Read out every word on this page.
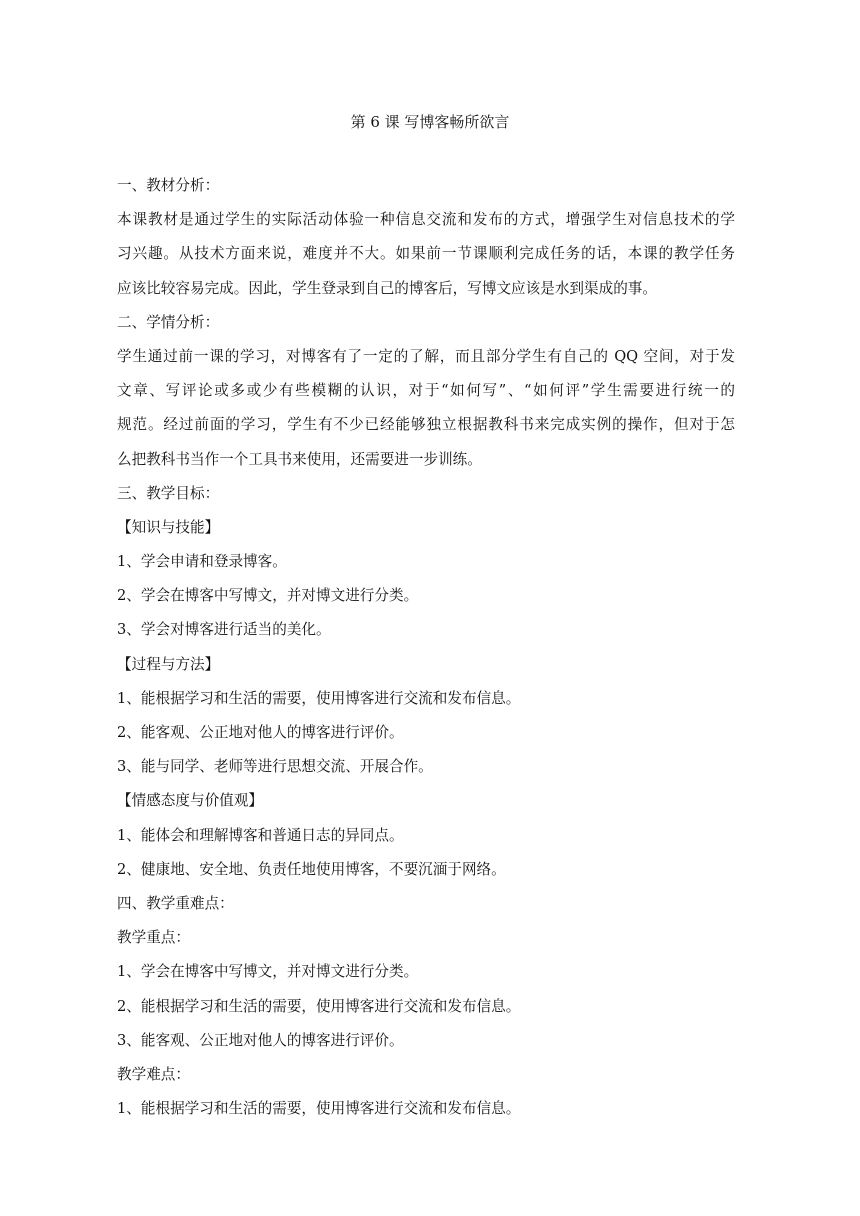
第 6 课 写博客畅所欲言
一、教材分析：
本课教材是通过学生的实际活动体验一种信息交流和发布的方式，增强学生对信息技术的学
习兴趣。从技术方面来说，难度并不大。如果前一节课顺利完成任务的话，本课的教学任务
应该比较容易完成。因此，学生登录到自己的博客后，写博文应该是水到渠成的事。
二、学情分析：
学生通过前一课的学习，对博客有了一定的了解，而且部分学生有自己的 QQ 空间，对于发
文章、写评论或多或少有些模糊的认识，对于“如何写”、“如何评”学生需要进行统一的
规范。经过前面的学习，学生有不少已经能够独立根据教科书来完成实例的操作，但对于怎
么把教科书当作一个工具书来使用，还需要进一步训练。
三、教学目标：
【知识与技能】
1、学会申请和登录博客。
2、学会在博客中写博文，并对博文进行分类。
3、学会对博客进行适当的美化。
【过程与方法】
1、能根据学习和生活的需要，使用博客进行交流和发布信息。
2、能客观、公正地对他人的博客进行评价。
3、能与同学、老师等进行思想交流、开展合作。
【情感态度与价值观】
1、能体会和理解博客和普通日志的异同点。
2、健康地、安全地、负责任地使用博客，不要沉湎于网络。
四、教学重难点：
教学重点：
1、学会在博客中写博文，并对博文进行分类。
2、能根据学习和生活的需要，使用博客进行交流和发布信息。
3、能客观、公正地对他人的博客进行评价。
教学难点：
1、能根据学习和生活的需要，使用博客进行交流和发布信息。
